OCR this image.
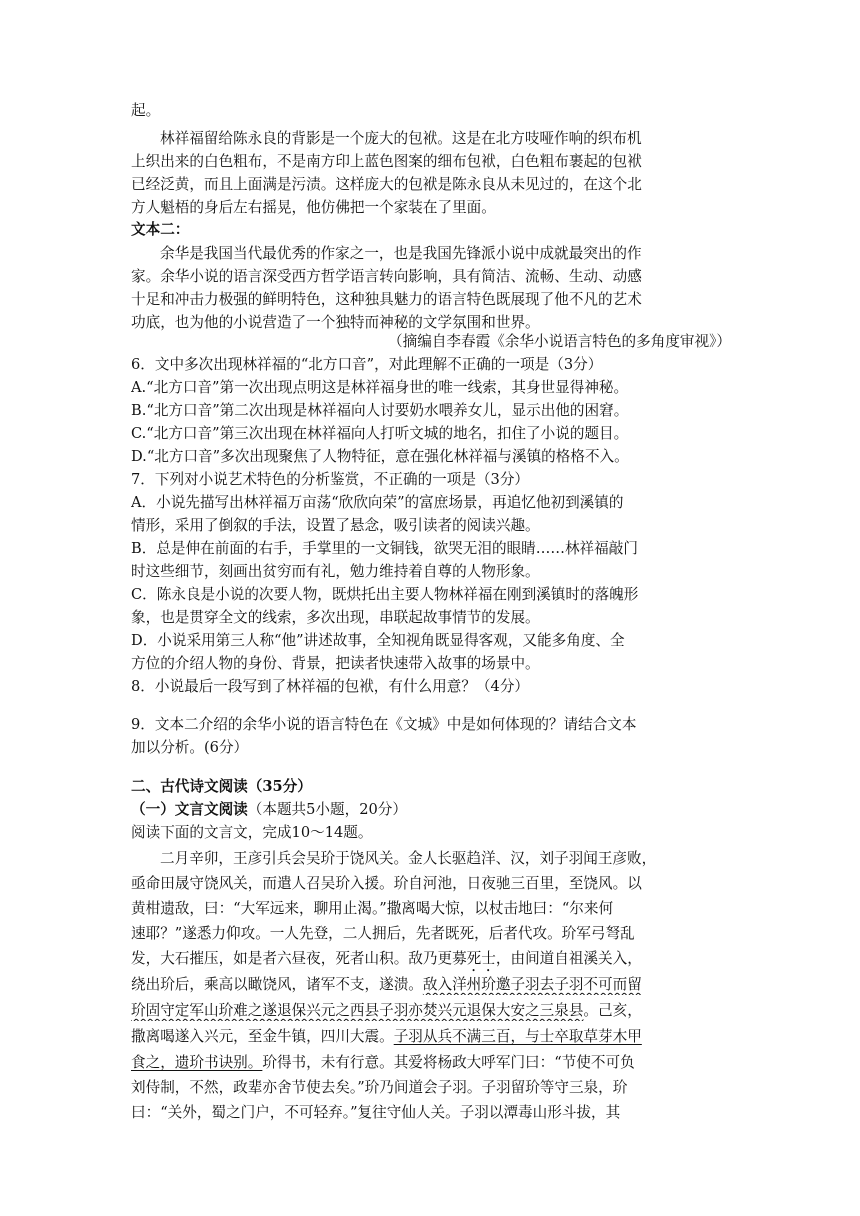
起。
林祥福留给陈永良的背影是一个庞大的包袱。这是在北方吱哑作响的织布机
上织出来的白色粗布，不是南方印上蓝色图案的细布包袱，白色粗布裹起的包袱
已经泛黄，而且上面满是污渍。这样庞大的包袱是陈永良从未见过的，在这个北
方人魁梧的身后左右摇晃，他仿佛把一个家装在了里面。
文本二：
余华是我国当代最优秀的作家之一，也是我国先锋派小说中成就最突出的作
家。余华小说的语言深受西方哲学语言转向影响，具有简洁、流畅、生动、动感
十足和冲击力极强的鲜明特色，这种独具魅力的语言特色既展现了他不凡的艺术
功底，也为他的小说营造了一个独特而神秘的文学氛围和世界。
（摘编自李春霞《余华小说语言特色的多角度审视》）
6．文中多次出现林祥福的“北方口音”，对此理解不正确的一项是（3分）
A.“北方口音”第一次出现点明这是林祥福身世的唯一线索，其身世显得神秘。
B.“北方口音”第二次出现是林祥福向人讨要奶水喂养女儿，显示出他的困窘。
C.“北方口音”第三次出现在林祥福向人打听文城的地名，扣住了小说的题目。
D.“北方口音”多次出现聚焦了人物特征，意在强化林祥福与溪镇的格格不入。
7．下列对小说艺术特色的分析鉴赏，不正确的一项是（3分）
A．小说先描写出林祥福万亩荡“欣欣向荣”的富庶场景，再追忆他初到溪镇的
情形，采用了倒叙的手法，设置了悬念，吸引读者的阅读兴趣。
B．总是伸在前面的右手，手掌里的一文铜钱，欲哭无泪的眼睛……林祥福敲门
时这些细节，刻画出贫穷而有礼，勉力维持着自尊的人物形象。
C．陈永良是小说的次要人物，既烘托出主要人物林祥福在刚到溪镇时的落魄形
象，也是贯穿全文的线索，多次出现，串联起故事情节的发展。
D．小说采用第三人称“他”讲述故事，全知视角既显得客观，又能多角度、全
方位的介绍人物的身份、背景，把读者快速带入故事的场景中。
8．小说最后一段写到了林祥福的包袱，有什么用意？（4分）
9．文本二介绍的余华小说的语言特色在《文城》中是如何体现的？请结合文本
加以分析。(6分）
二、古代诗文阅读（35分）
（一）文言文阅读（本题共5小题，20分）
阅读下面的文言文，完成10～14题。
二月辛卯，王彦引兵会吴玠于饶风关。金人长驱趋洋、汉，刘子羽闻王彦败，
亟命田晟守饶风关，而遣人召吴玠入援。玠自河池，日夜驰三百里，至饶风。以
黄柑遗敌，曰：“大军远来，聊用止渴。”撒离喝大惊，以杖击地曰：“尔来何
速耶？”遂悉力仰攻。一人先登，二人拥后，先者既死，后者代攻。玠军弓弩乱
发，大石摧压，如是者六昼夜，死者山积。敌乃更募死士，由间道自祖溪关入，
绕出玠后，乘高以瞰饶风，诸军不支，遂溃。敌入洋州玠邀子羽去子羽不可而留
玠固守定军山玠难之遂退保兴元之西县子羽亦焚兴元退保大安之三泉县。己亥，
撒离喝遂入兴元，至金牛镇，四川大震。子羽从兵不满三百，与士卒取草芽木甲
食之，遗玠书诀别。玠得书，未有行意。其爱将杨政大呼军门曰：“节使不可负
刘侍制，不然，政辈亦舍节使去矣。”玠乃间道会子羽。子羽留玠等守三泉，玠
曰：“关外，蜀之门户，不可轻弃。”复往守仙人关。子羽以潭毒山形斗拔，其
